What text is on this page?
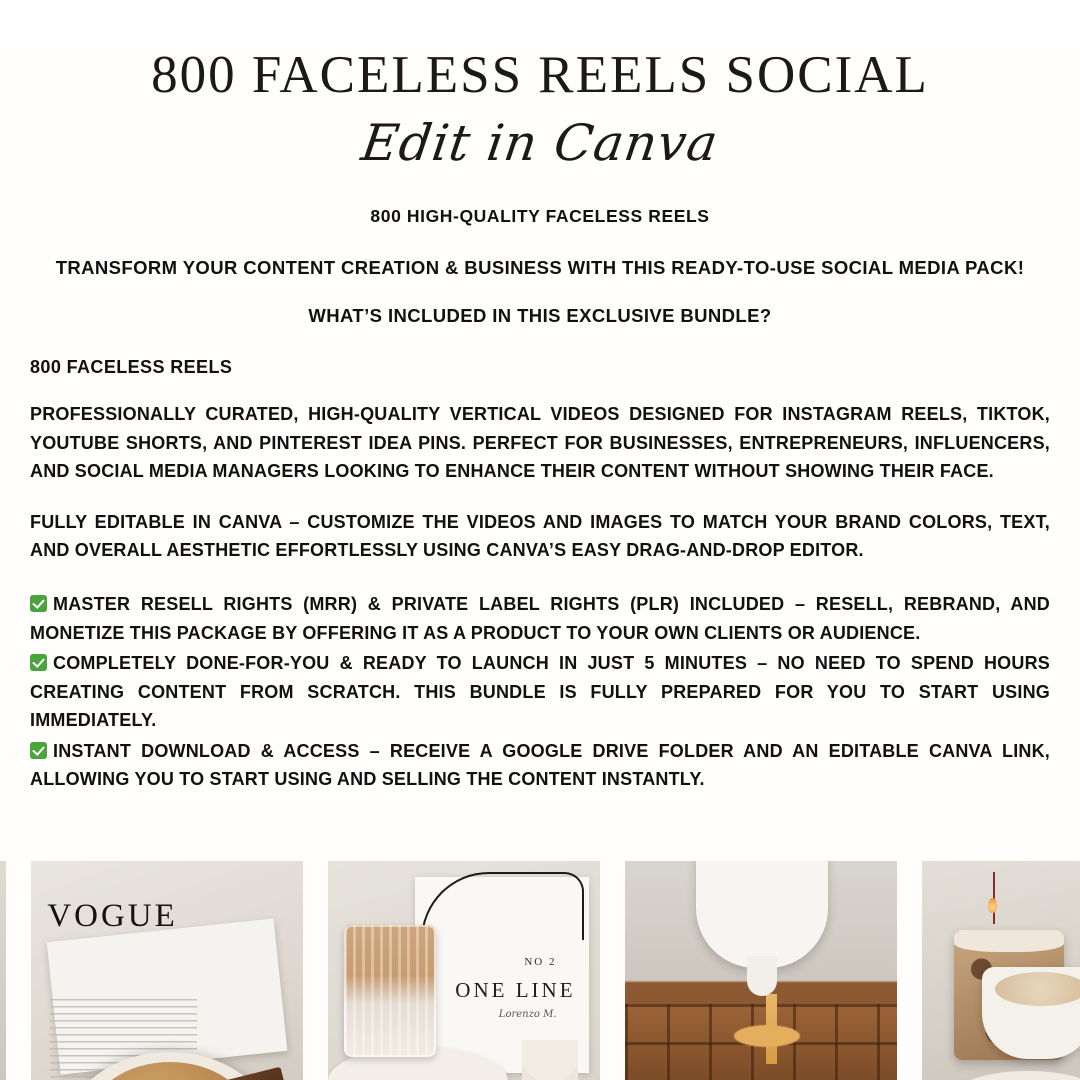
800 FACELESS REELS SOCIAL
Edit in Canva
800 HIGH-QUALITY FACELESS REELS
TRANSFORM YOUR CONTENT CREATION & BUSINESS WITH THIS READY-TO-USE SOCIAL MEDIA PACK!
WHAT’S INCLUDED IN THIS EXCLUSIVE BUNDLE?
800 FACELESS REELS

PROFESSIONALLY CURATED, HIGH-QUALITY VERTICAL VIDEOS DESIGNED FOR INSTAGRAM REELS, TIKTOK, YOUTUBE SHORTS, AND PINTEREST IDEA PINS. PERFECT FOR BUSINESSES, ENTREPRENEURS, INFLUENCERS, AND SOCIAL MEDIA MANAGERS LOOKING TO ENHANCE THEIR CONTENT WITHOUT SHOWING THEIR FACE.

FULLY EDITABLE IN CANVA – CUSTOMIZE THE VIDEOS AND IMAGES TO MATCH YOUR BRAND COLORS, TEXT, AND OVERALL AESTHETIC EFFORTLESSLY USING CANVA’S EASY DRAG-AND-DROP EDITOR.

MASTER RESELL RIGHTS (MRR) & PRIVATE LABEL RIGHTS (PLR) INCLUDED – RESELL, REBRAND, AND MONETIZE THIS PACKAGE BY OFFERING IT AS A PRODUCT TO YOUR OWN CLIENTS OR AUDIENCE.
COMPLETELY DONE-FOR-YOU & READY TO LAUNCH IN JUST 5 MINUTES – NO NEED TO SPEND HOURS CREATING CONTENT FROM SCRATCH. THIS BUNDLE IS FULLY PREPARED FOR YOU TO START USING IMMEDIATELY.
INSTANT DOWNLOAD & ACCESS – RECEIVE A GOOGLE DRIVE FOLDER AND AN EDITABLE CANVA LINK, ALLOWING YOU TO START USING AND SELLING THE CONTENT INSTANTLY.
VOGUE
NO 2
ONE LINE
Lorenzo M.
